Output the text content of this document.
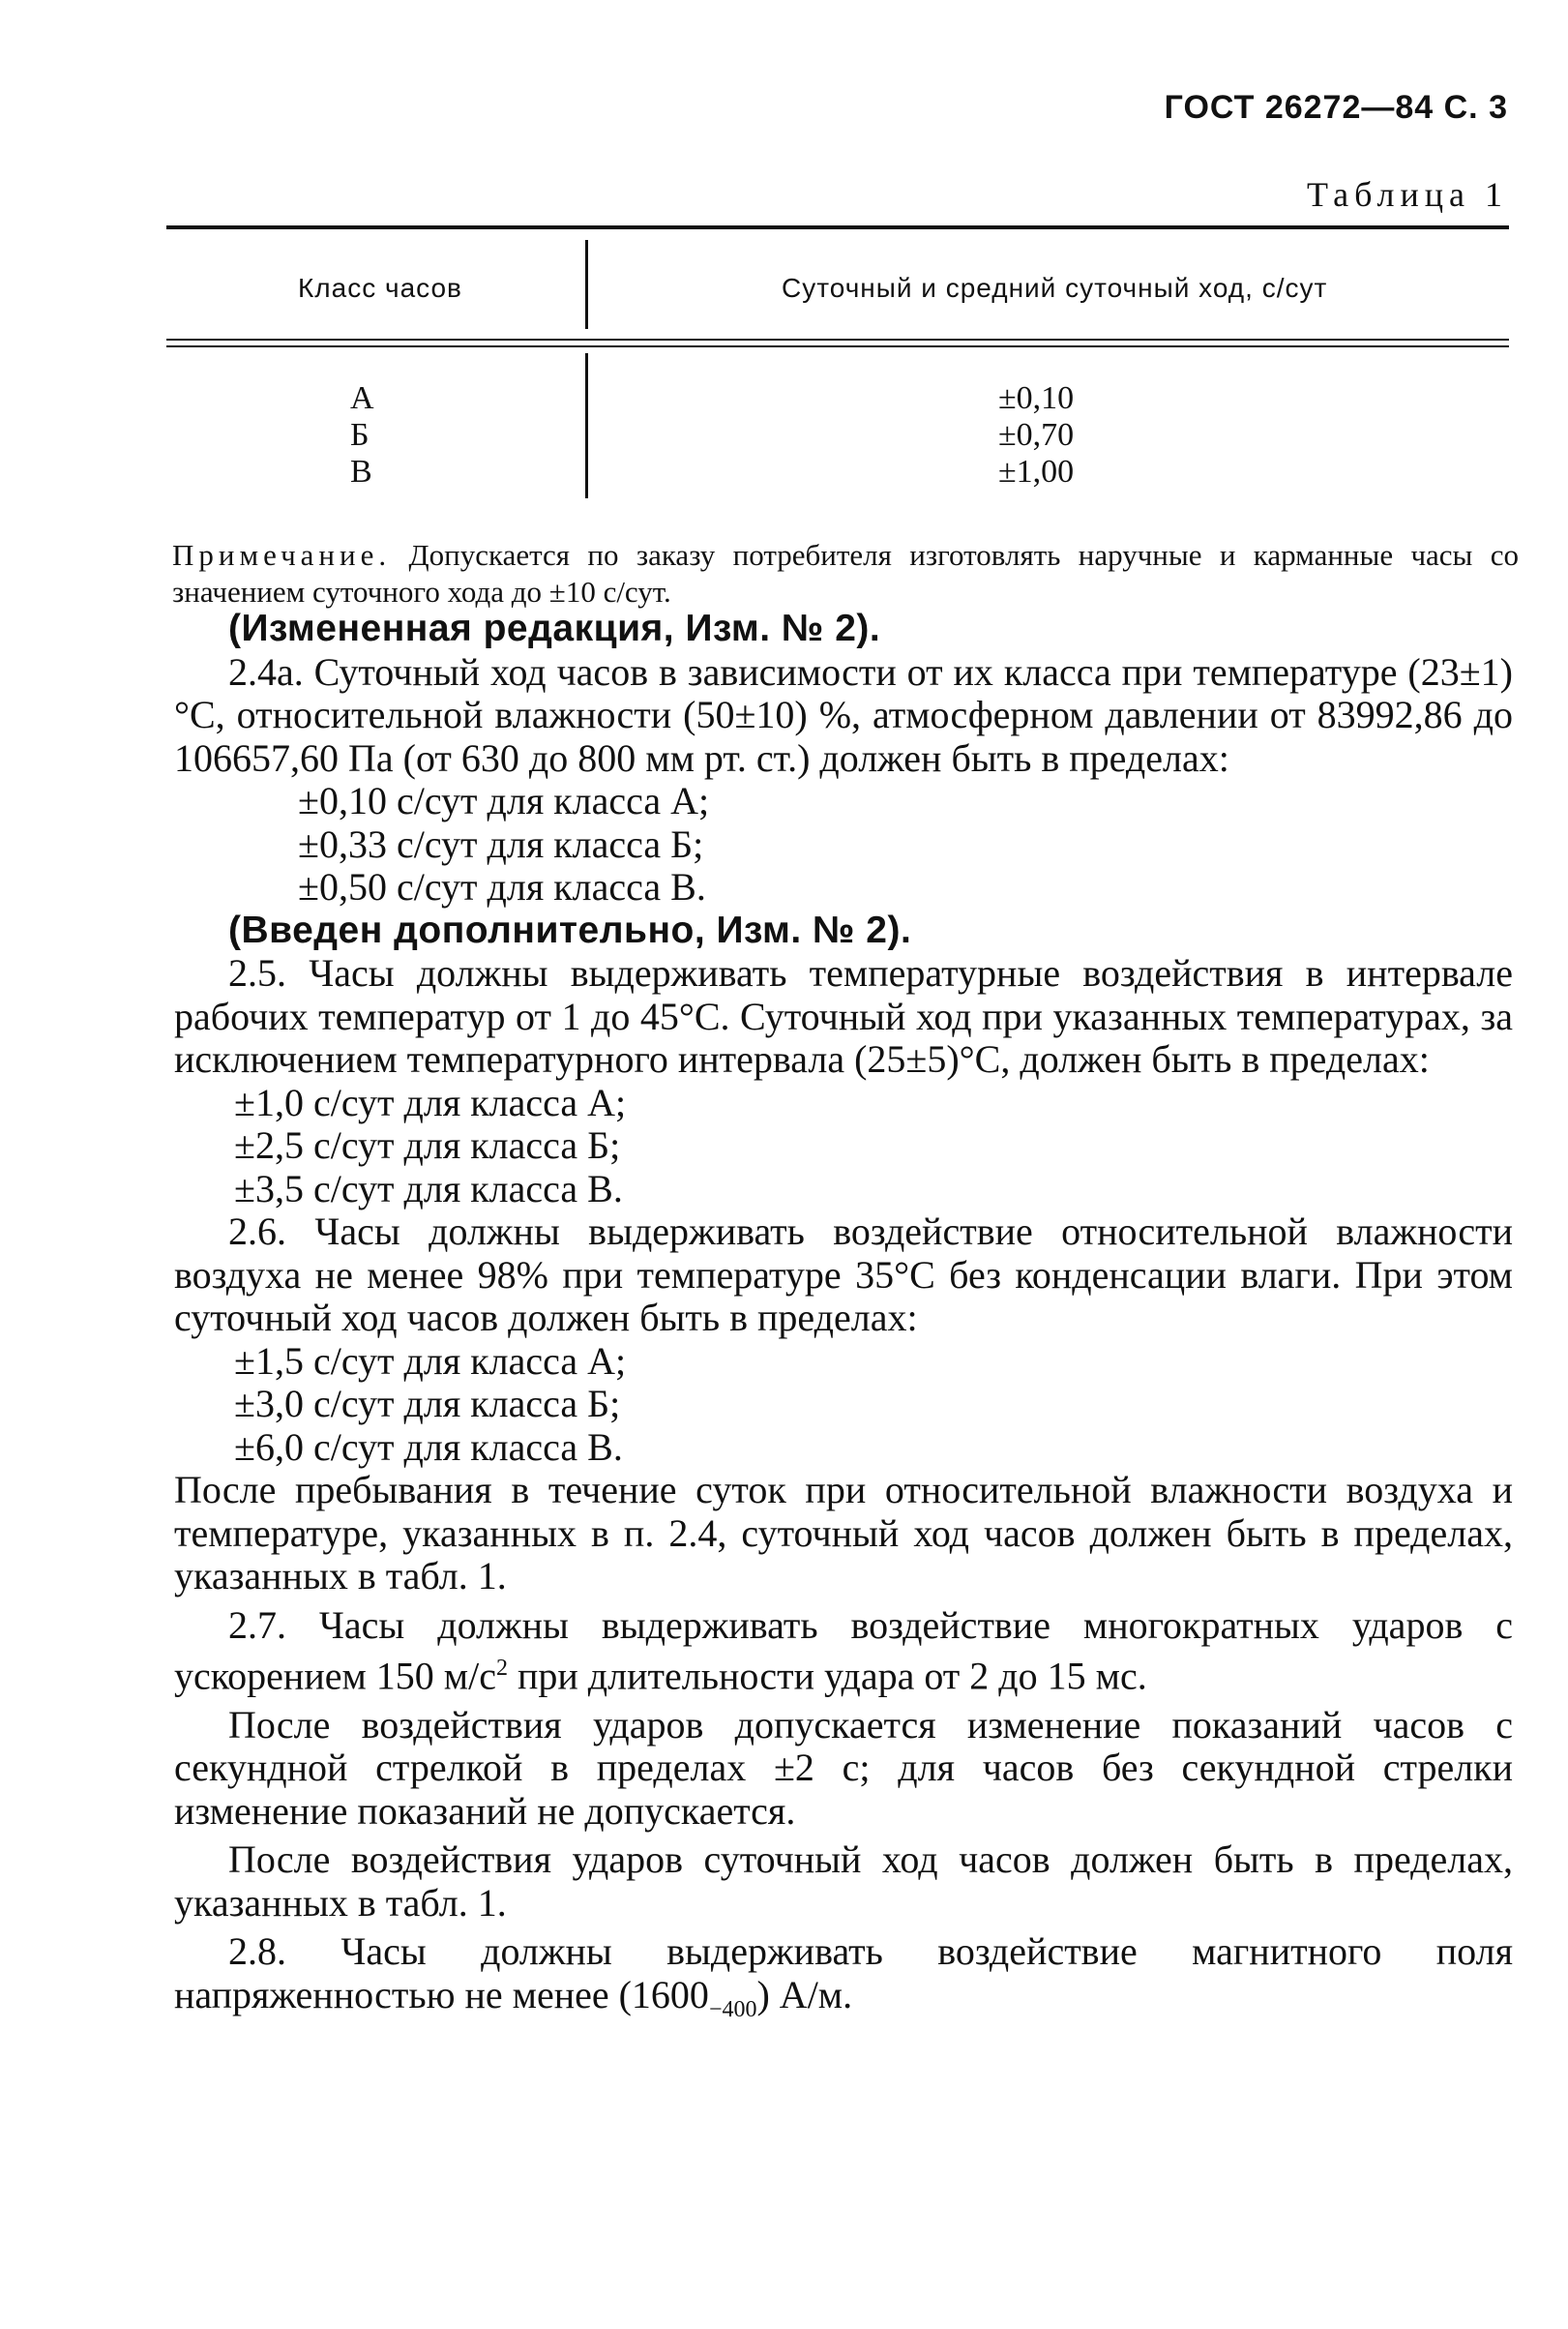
ГОСТ 26272—84 С. 3
Таблица 1
Класс часов	Суточный и средний суточный ход, с/сут
А
Б
В
±0,10
±0,70
±1,00
Примечание. Допускается по заказу потребителя изготовлять наручные и карманные часы со значением суточного хода до ±10 с/сут.

(Измененная редакция, Изм. № 2).

2.4а. Суточный ход часов в зависимости от их класса при температуре (23±1)°С, относительной влажности (50±10) %, атмосферном давлении от 83992,86 до 106657,60 Па (от 630 до 800 мм рт. ст.) должен быть в пределах:

±0,10 с/сут для класса А;

±0,33 с/сут для класса Б;

±0,50 с/сут для класса В.

(Введен дополнительно, Изм. № 2).

2.5. Часы должны выдерживать температурные воздействия в интервале рабочих температур от 1 до 45°С. Суточный ход при указанных температурах, за исключением температурного интервала (25±5)°С, должен быть в пределах:

±1,0 с/сут для класса А;

±2,5 с/сут для класса Б;

±3,5 с/сут для класса В.

2.6. Часы должны выдерживать воздействие относительной влажности воздуха не менее 98% при температуре 35°С без конденсации влаги. При этом суточный ход часов должен быть в пределах:

±1,5 с/сут для класса А;

±3,0 с/сут для класса Б;

±6,0 с/сут для класса В.

После пребывания в течение суток при относительной влажности воздуха и температуре, указанных в п. 2.4, суточный ход часов должен быть в пределах, указанных в табл. 1.

2.7. Часы должны выдерживать воздействие многократных ударов с ускорением 150 $м/с^2$ при длительности удара от 2 до 15 мс.

После воздействия ударов допускается изменение показаний часов с секундной стрелкой в пределах ±2 с; для часов без секундной стрелки изменение показаний не допускается.

После воздействия ударов суточный ход часов должен быть в пределах, указанных в табл. 1.

2.8. Часы должны выдерживать воздействие магнитного поля напряженностью не менее $(1600_{-400})$ А/м.
